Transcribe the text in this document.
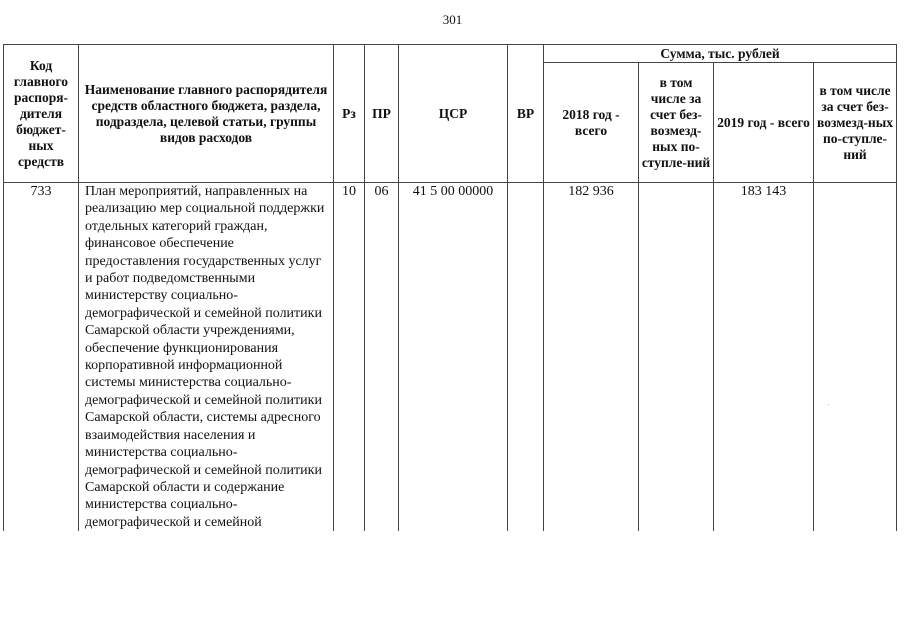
301
Код главного распоря-дителя бюджет-ных средств	Наименование главного распорядителя средств областного бюджета, раздела, подраздела, целевой статьи, группы видов расходов	Рз	ПР	ЦСР	ВР	Сумма, тыс. рублей			
						2018 год - всего	в том числе за счет без-возмезд-ных по-ступле-ний	2019 год - всего	в том числе за счет без-возмезд-ных по-ступле-ний
733	План мероприятий, направленных на реализацию мер социальной поддержки отдельных категорий граждан, финансовое обеспечение предоставления государственных услуг и работ подведомственными министерству социально-демографической и семейной политики Самарской области учреждениями, обеспечение функционирования корпоративной информационной системы министерства социально-демографической и семейной политики Самарской области, системы адресного взаимодействия населения и министерства социально-демографической и семейной политики Самарской области и содержание министерства социально-демографической и семейной	10	06	41 5 00 00000		182 936		183 143	
